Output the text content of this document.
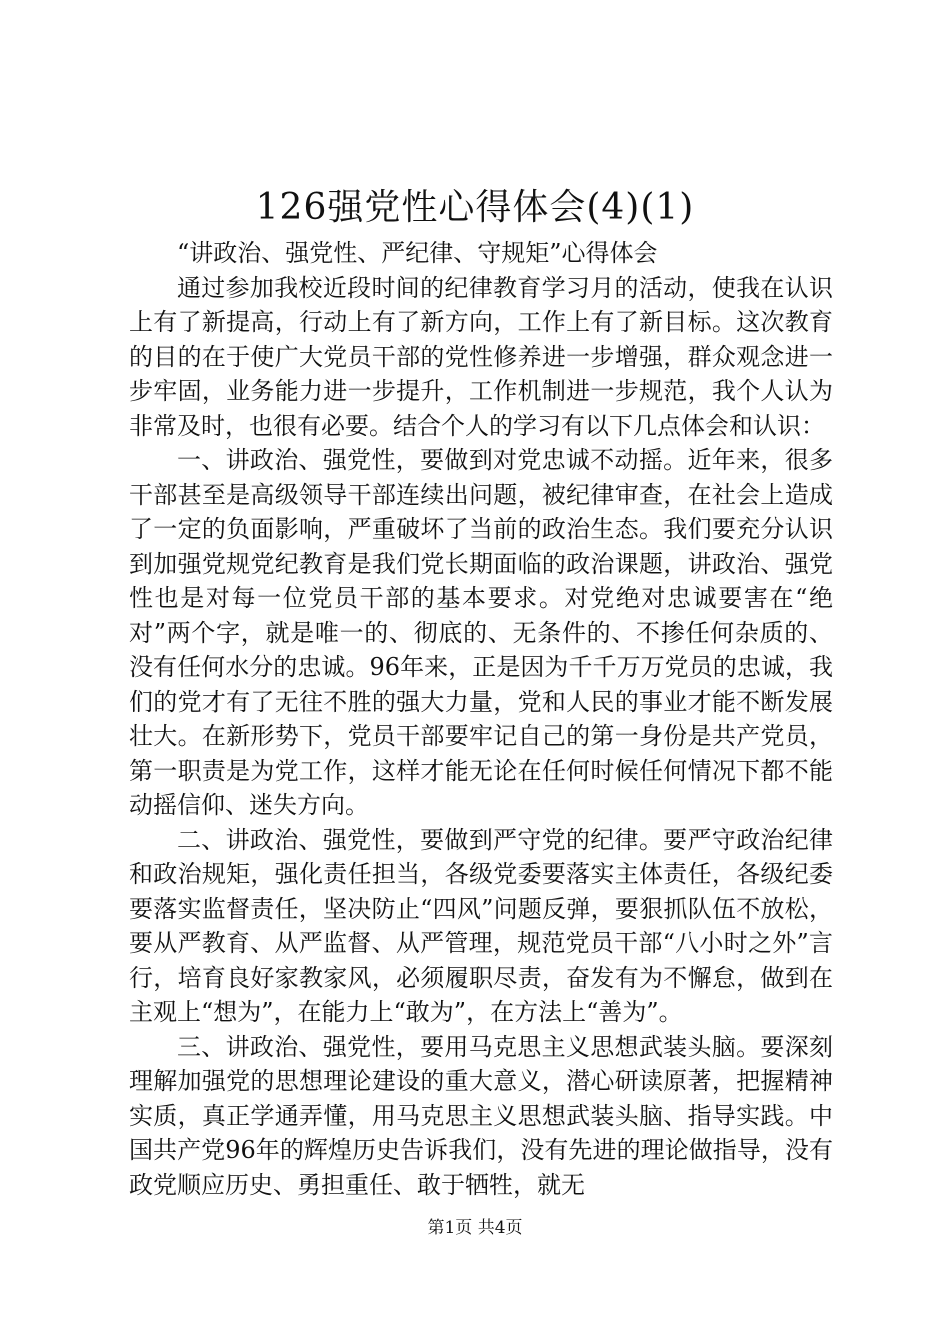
126强党性心得体会(4)(1)

“讲政治、强党性、严纪律、守规矩”心得体会

通过参加我校近段时间的纪律教育学习月的活动，使我在认识上有了新提高，行动上有了新方向，工作上有了新目标。这次教育的目的在于使广大党员干部的党性修养进一步增强，群众观念进一步牢固，业务能力进一步提升，工作机制进一步规范，我个人认为非常及时，也很有必要。结合个人的学习有以下几点体会和认识：

一、讲政治、强党性，要做到对党忠诚不动摇。近年来，很多干部甚至是高级领导干部连续出问题，被纪律审查，在社会上造成了一定的负面影响，严重破坏了当前的政治生态。我们要充分认识到加强党规党纪教育是我们党长期面临的政治课题，讲政治、强党性也是对每一位党员干部的基本要求。对党绝对忠诚要害在“绝对”两个字，就是唯一的、彻底的、无条件的、不掺任何杂质的、没有任何水分的忠诚。96年来，正是因为千千万万党员的忠诚，我们的党才有了无往不胜的强大力量，党和人民的事业才能不断发展壮大。在新形势下，党员干部要牢记自己的第一身份是共产党员，第一职责是为党工作，这样才能无论在任何时候任何情况下都不能动摇信仰、迷失方向。

二、讲政治、强党性，要做到严守党的纪律。要严守政治纪律和政治规矩，强化责任担当，各级党委要落实主体责任，各级纪委要落实监督责任，坚决防止“四风”问题反弹，要狠抓队伍不放松，要从严教育、从严监督、从严管理，规范党员干部“八小时之外”言行，培育良好家教家风，必须履职尽责，奋发有为不懈怠，做到在主观上“想为”，在能力上“敢为”，在方法上“善为”。

三、讲政治、强党性，要用马克思主义思想武装头脑。要深刻理解加强党的思想理论建设的重大意义，潜心研读原著，把握精神实质，真正学通弄懂，用马克思主义思想武装头脑、指导实践。中国共产党96年的辉煌历史告诉我们，没有先进的理论做指导，没有政党顺应历史、勇担重任、敢于牺牲，就无

第1页 共4页
